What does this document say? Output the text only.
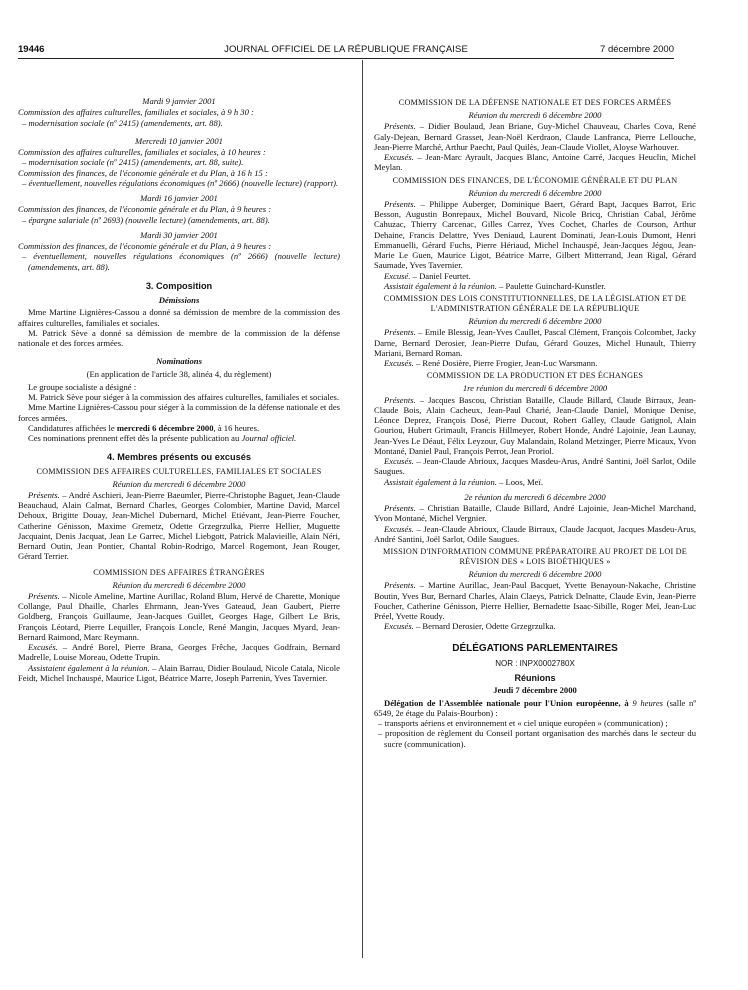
19446	JOURNAL OFFICIEL DE LA RÉPUBLIQUE FRANÇAISE	7 décembre 2000

Mardi 9 janvier 2001

Commission des affaires culturelles, familiales et sociales, à 9 h 30 :

– modernisation sociale (nº 2415) (amendements, art. 88).

Mercredi 10 janvier 2001

Commission des affaires culturelles, familiales et sociales, à 10 heures :

– modernisation sociale (nº 2415) (amendements, art. 88, suite).

Commission des finances, de l'économie générale et du Plan, à 16 h 15 :

– éventuellement, nouvelles régulations économiques (nº 2666) (nouvelle lecture) (rapport).

Mardi 16 janvier 2001

Commission des finances, de l'économie générale et du Plan, à 9 heures :

– épargne salariale (nº 2693) (nouvelle lecture) (amendements, art. 88).

Mardi 30 janvier 2001

Commission des finances, de l'économie générale et du Plan, à 9 heures :

– éventuellement, nouvelles régulations économiques (nº 2666) (nouvelle lecture) (amendements, art. 88).

3. Composition

Démissions

Mme Martine Lignières-Cassou a donné sa démission de membre de la commission des affaires culturelles, familiales et sociales.

M. Patrick Sève a donné sa démission de membre de la commission de la défense nationale et des forces armées.

Nominations

(En application de l'article 38, alinéa 4, du règlement)

Le groupe socialiste a désigné :

M. Patrick Sève pour siéger à la commission des affaires culturelles, familiales et sociales.

Mme Martine Lignières-Cassou pour siéger à la commission de la défense nationale et des forces armées.

Candidatures affichées le mercredi 6 décembre 2000, à 16 heures.

Ces nominations prennent effet dès la présente publication au Journal officiel.

4. Membres présents ou excusés

COMMISSION DES AFFAIRES CULTURELLES, FAMILIALES ET SOCIALES

Réunion du mercredi 6 décembre 2000

Présents. – André Aschieri, Jean-Pierre Baeumler, Pierre-Christophe Baguet, Jean-Claude Beauchaud, Alain Calmat, Bernard Charles, Georges Colombier, Martine David, Marcel Dehoux, Brigitte Douay, Jean-Michel Dubernard, Michel Etiévant, Jean-Pierre Foucher, Catherine Génisson, Maxime Gremetz, Odette Grzegrzulka, Pierre Hellier, Muguette Jacquaint, Denis Jacquat, Jean Le Garrec, Michel Liebgott, Patrick Malavieille, Alain Néri, Bernard Outin, Jean Pontier, Chantal Robin-Rodrigo, Marcel Rogemont, Jean Rouger, Gérard Terrier.

COMMISSION DES AFFAIRES ÉTRANGÈRES

Réunion du mercredi 6 décembre 2000

Présents. – Nicole Ameline, Martine Aurillac, Roland Blum, Hervé de Charette, Monique Collange, Paul Dhaille, Charles Ehrmann, Jean-Yves Gateaud, Jean Gaubert, Pierre Goldberg, François Guillaume, Jean-Jacques Guillet, Georges Hage, Gilbert Le Bris, François Léotard, Pierre Lequiller, François Loncle, René Mangin, Jacques Myard, Jean-Bernard Raimond, Marc Reymann.

Excusés. – André Borel, Pierre Brana, Georges Frêche, Jacques Godfrain, Bernard Madrelle, Louise Moreau, Odette Trupin.

Assistaient également à la réunion. – Alain Barrau, Didier Boulaud, Nicole Catala, Nicole Feidt, Michel Inchauspé, Maurice Ligot, Béatrice Marre, Joseph Parrenin, Yves Tavernier.

COMMISSION DE LA DÉFENSE NATIONALE ET DES FORCES ARMÉES

Réunion du mercredi 6 décembre 2000

Présents. – Didier Boulaud, Jean Briane, Guy-Michel Chauveau, Charles Cova, René Galy-Dejean, Bernard Grasset, Jean-Noël Kerdraon, Claude Lanfranca, Pierre Lellouche, Jean-Pierre Marché, Arthur Paecht, Paul Quilès, Jean-Claude Viollet, Aloyse Warhouver.

Excusés. – Jean-Marc Ayrault, Jacques Blanc, Antoine Carré, Jacques Heuclin, Michel Meylan.

COMMISSION DES FINANCES, DE L'ÉCONOMIE GÉNÉRALE ET DU PLAN

Réunion du mercredi 6 décembre 2000

Présents. – Philippe Auberger, Dominique Baert, Gérard Bapt, Jacques Barrot, Eric Besson, Augustin Bonrepaux, Michel Bouvard, Nicole Bricq, Christian Cabal, Jérôme Cahuzac, Thierry Carcenac, Gilles Carrez, Yves Cochet, Charles de Courson, Arthur Dehaine, Francis Delattre, Yves Deniaud, Laurent Dominati, Jean-Louis Dumont, Henri Emmanuelli, Gérard Fuchs, Pierre Hériaud, Michel Inchauspé, Jean-Jacques Jégou, Jean-Marie Le Guen, Maurice Ligot, Béatrice Marre, Gilbert Mitterrand, Jean Rigal, Gérard Saumade, Yves Tavernier.

Excusé. – Daniel Feurtet.

Assistait également à la réunion. – Paulette Guinchard-Kunstler.

COMMISSION DES LOIS CONSTITUTIONNELLES, DE LA LÉGISLATION ET DE L'ADMINISTRATION GÉNÉRALE DE LA RÉPUBLIQUE

Réunion du mercredi 6 décembre 2000

Présents. – Emile Blessig, Jean-Yves Caullet, Pascal Clément, François Colcombet, Jacky Darne, Bernard Derosier, Jean-Pierre Dufau, Gérard Gouzes, Michel Hunault, Thierry Mariani, Bernard Roman.

Excusés. – René Dosière, Pierre Frogier, Jean-Luc Warsmann.

COMMISSION DE LA PRODUCTION ET DES ÉCHANGES

1re réunion du mercredi 6 décembre 2000

Présents. – Jacques Bascou, Christian Bataille, Claude Billard, Claude Birraux, Jean-Claude Bois, Alain Cacheux, Jean-Paul Charié, Jean-Claude Daniel, Monique Denise, Léonce Deprez, François Dosé, Pierre Ducout, Robert Galley, Claude Gatignol, Alain Gouriou, Hubert Grimault, Francis Hillmeyer, Robert Honde, André Lajoinie, Jean Launay, Jean-Yves Le Déaut, Félix Leyzour, Guy Malandain, Roland Metzinger, Pierre Micaux, Yvon Montané, Daniel Paul, François Perrot, Jean Proriol.

Excusés. – Jean-Claude Abrioux, Jacques Masdeu-Arus, André Santini, Joël Sarlot, Odile Saugues.

Assistait également à la réunion. – Loos, Meï.

2e réunion du mercredi 6 décembre 2000

Présents. – Christian Bataille, Claude Billard, André Lajoinie, Jean-Michel Marchand, Yvon Montané, Michel Vergnier.

Excusés. – Jean-Claude Abrioux, Claude Birraux, Claude Jacquot, Jacques Masdeu-Arus, André Santini, Joël Sarlot, Odile Saugues.

MISSION D'INFORMATION COMMUNE PRÉPARATOIRE AU PROJET DE LOI DE RÉVISION DES « LOIS BIOÉTHIQUES »

Réunion du mercredi 6 décembre 2000

Présents. – Martine Aurillac, Jean-Paul Bacquet, Yvette Benayoun-Nakache, Christine Boutin, Yves Bur, Bernard Charles, Alain Claeys, Patrick Delnatte, Claude Evin, Jean-Pierre Foucher, Catherine Génisson, Pierre Hellier, Bernadette Isaac-Sibille, Roger Meï, Jean-Luc Préel, Yvette Roudy.

Excusés. – Bernard Derosier, Odette Grzegrzulka.

DÉLÉGATIONS PARLEMENTAIRES

NOR : INPX0002780X

Réunions

Jeudi 7 décembre 2000

Délégation de l'Assemblée nationale pour l'Union européenne, à 9 heures (salle nº 6549, 2e étage du Palais-Bourbon) :

– transports aériens et environnement et « ciel unique européen » (communication) ;

– proposition de règlement du Conseil portant organisation des marchés dans le secteur du sucre (communication).
